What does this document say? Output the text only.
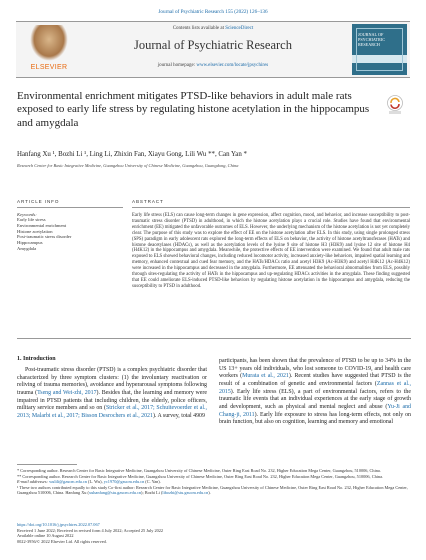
Journal of Psychiatric Research 155 (2022) 126–136
ELSEVIER
Contents lists available at ScienceDirect
Journal of Psychiatric Research
journal homepage: www.elsevier.com/locate/jpsychires
JOURNAL OF PSYCHIATRIC RESEARCH
Environmental enrichment mitigates PTSD-like behaviors in adult male rats exposed to early life stress by regulating histone acetylation in the hippocampus and amygdala
Hanfang Xu ¹, Bozhi Li ¹, Ling Li, Zhixin Fan, Xiayu Gong, Lili Wu **, Can Yan *
Research Center for Basic Integrative Medicine, Guangzhou University of Chinese Medicine, Guangzhou, Guangdong, China
ARTICLE INFO	ABSTRACT
Keywords:
Early life stress
Environmental enrichment
Histone acetylation
Post-traumatic stress disorder
Hippocampus
Amygdala
Early life stress (ELS) can cause long-term changes in gene expression, affect cognition, mood, and behavior, and increase susceptibility to post-traumatic stress disorder (PTSD) in adulthood, in which the histone acetylation plays a crucial role. Studies have found that environmental enrichment (EE) mitigated the unfavorable outcomes of ELS. However, the underlying mechanism of the histone acetylation is not yet completely clear. The purpose of this study was to explore the effect of EE on the histone acetylation after ELS. In this study, using single prolonged stress (SPS) paradigm in early adolescent rats explored the long-term effects of ELS on behavior, the activity of histone acetyltransferases (HATs) and histone deacetylases (HDACs), as well as the acetylation levels of the lysine 9 site of histone H3 (H3K9) and lysine 12 site of histone H4 (H4K12) in the hippocampus and amygdala. Meanwhile, the protective effects of EE intervention were examined. We found that adult male rats exposed to ELS showed behavioral changes, including reduced locomotor activity, increased anxiety-like behaviors, impaired spatial learning and memory, enhanced contextual and cued fear memory, and the HATs/HDACs ratio and acetyl H3K9 (Ac-H3K9) and acetyl H4K12 (Ac-H4K12) were increased in the hippocampus and decreased in the amygdala. Furthermore, EE attenuated the behavioral abnormalities from ELS, possibly through sites-regulating the activity of HATs in the hippocampus and up-regulating HDACs activities in the amygdala. These finding suggested that EE could ameliorate ELS-induced PTSD-like behaviors by regulating histone acetylation in the hippocampus and amygdala, reducing the susceptibility to PTSD in adulthood.
1. Introduction
Post-traumatic stress disorder (PTSD) is a complex psychiatric disorder that characterized by three symptom clusters: (1) the involuntary reactivation or reliving of trauma memories), avoidance and hyperarousal symptoms following trauma (Tseng and Wei-zhi, 2017). Besides that, the learning and memory were impaired in PTSD patients that including children, the elderly, police officers, military service members and so on (Stricker et al., 2017; Schuitevoerder et al., 2013; Malarbi et al., 2017; Bisson Desrochers et al., 2021). A survey, total 4909
participants, has been shown that the prevalence of PTSD to be up to 34% in the US 13+ years old individuals, who lost someone to COVID-19, and health care workers (Murata et al., 2021). Recent studies have suggested that PTSD is the result of a combination of genetic and environmental factors (Zannas et al., 2015). Early life stress (ELS), a part of environmental factors, refers to the traumatic life events that an individual experiences at the early stage of growth and development, such as physical and mental neglect and abuse (Yu-Ji and Chang-ji, 2011). Early life exposure to stress has long-term effects, not only on brain function, but also on cognition, learning and memory and emotional
* Corresponding author. Research Center for Basic Integrative Medicine, Guangzhou University of Chinese Medicine, Outer Ring East Road No. 232, Higher Education Mega Center, Guangzhou, 510006, China.
** Corresponding author. Research Center for Basic Integrative Medicine, Guangzhou University of Chinese Medicine, Outer Ring East Road No. 232, Higher Education Mega Center, Guangzhou, 510006, China.
E-mail addresses: wulili@gzucm.edu.cn (L. Wu), yc1970@gzucm.edu.cn (C. Yan).
¹ These two authors contributed equally to this study Co-first author: Research Center for Basic Integrative Medicine, Guangzhou University of Chinese Medicine, Outer Ring East Road No. 232, Higher Education Mega Center, Guangzhou 510006, China. Hanfang Xu (xuhanfang@stu.gzucm.edu.cn); Bozhi Li (libozhi@stu.gzucm.edu.cn).
https://doi.org/10.1016/j.jpsychires.2022.07.067
Received 1 June 2022; Received in revised form 4 July 2022; Accepted 25 July 2022
Available online 10 August 2022
0022-3956/© 2022 Elsevier Ltd. All rights reserved.
